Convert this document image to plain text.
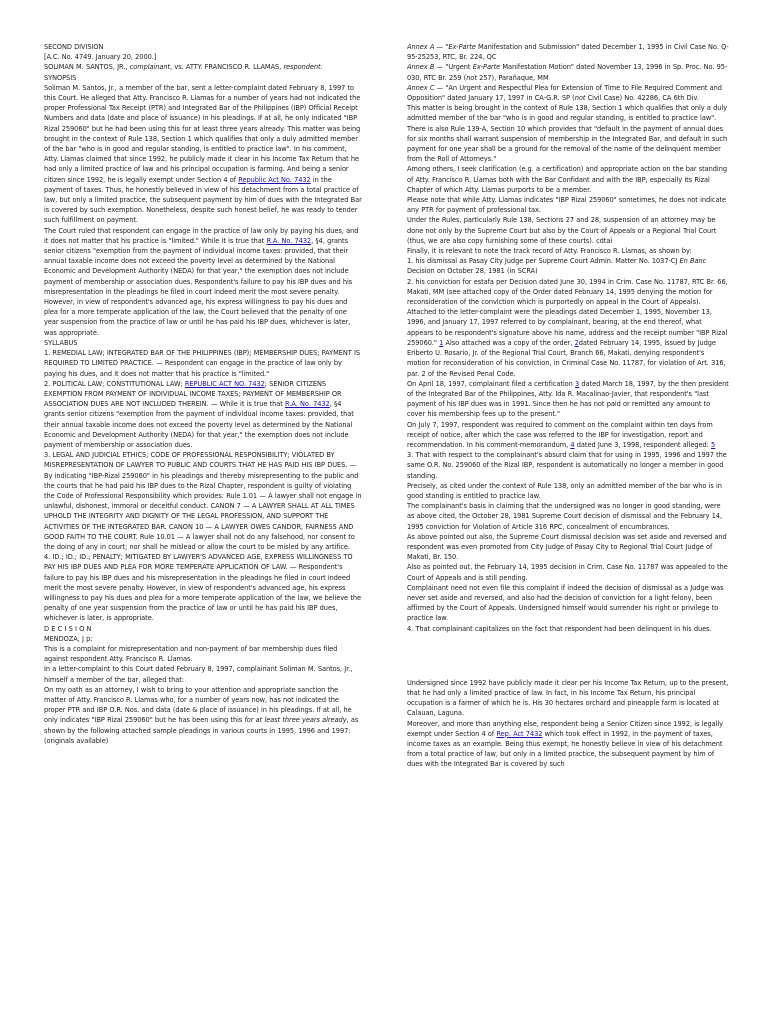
SECOND DIVISION

[A.C. No. 4749. January 20, 2000.]

SOLIMAN M. SANTOS, JR., complainant, vs. ATTY. FRANCISCO R. LLAMAS, respondent.

SYNOPSIS

Soliman M. Santos, Jr., a member of the bar, sent a letter-complaint dated February 8, 1997 to this Court. He alleged that Atty. Francisco R. Llamas for a number of years had not indicated the proper Professional Tax Receipt (PTR) and Integrated Bar of the Philippines (IBP) Official Receipt Numbers and data (date and place of issuance) in his pleadings. If at all, he only indicated "IBP Rizal 259060" but he had been using this for at least three years already. This matter was being brought in the context of Rule 138, Section 1 which qualifies that only a duly admitted member of the bar "who is in good and regular standing, is entitled to practice law". In his comment, Atty. Llamas claimed that since 1992, he publicly made it clear in his Income Tax Return that he had only a limited practice of law and his principal occupation is farming. And being a senior citizen since 1992, he is legally exempt under Section 4 of Republic Act No. 7432 in the payment of taxes. Thus, he honestly believed in view of his detachment from a total practice of law, but only a limited practice, the subsequent payment by him of dues with the Integrated Bar is covered by such exemption. Nonetheless, despite such honest belief, he was ready to tender such fulfillment on payment.

The Court ruled that respondent can engage in the practice of law only by paying his dues, and it does not matter that his practice is "limited." While it is true that R.A. No. 7432, §4, grants senior citizens "exemption from the payment of individual income taxes: provided, that their annual taxable income does not exceed the poverty level as determined by the National Economic and Development Authority (NEDA) for that year," the exemption does not include payment of membership or association dues. Respondent's failure to pay his IBP dues and his misrepresentation in the pleadings he filed in court indeed merit the most severe penalty. However, in view of respondent's advanced age, his express willingness to pay his dues and plea for a more temperate application of the law, the Court believed that the penalty of one year suspension from the practice of law or until he has paid his IBP dues, whichever is later, was appropriate.

SYLLABUS

1. REMEDIAL LAW; INTEGRATED BAR OF THE PHILIPPINES (IBP); MEMBERSHIP DUES; PAYMENT IS REQUIRED TO LIMITED PRACTICE. — Respondent can engage in the practice of law only by paying his dues, and it does not matter that his practice is "limited."

2. POLITICAL LAW; CONSTITUTIONAL LAW; REPUBLIC ACT NO. 7432; SENIOR CITIZENS EXEMPTION FROM PAYMENT OF INDIVIDUAL INCOME TAXES; PAYMENT OF MEMBERSHIP OR ASSOCIATION DUES ARE NOT INCLUDED THEREIN. — While it is true that R.A. No. 7432, §4 grants senior citizens "exemption from the payment of individual income taxes: provided, that their annual taxable income does not exceed the poverty level as determined by the National Economic and Development Authority (NEDA) for that year," the exemption does not include payment of membership or association dues.

3. LEGAL AND JUDICIAL ETHICS; CODE OF PROFESSIONAL RESPONSIBILITY; VIOLATED BY MISREPRESENTATION OF LAWYER TO PUBLIC AND COURTS THAT HE HAS PAID HIS IBP DUES. — By indicating "IBP-Rizal 259060" in his pleadings and thereby misrepresenting to the public and the courts that he had paid his IBP dues to the Rizal Chapter, respondent is guilty of violating the Code of Professional Responsibility which provides: Rule 1.01 — A lawyer shall not engage in unlawful, dishonest, immoral or deceitful conduct. CANON 7 — A LAWYER SHALL AT ALL TIMES UPHOLD THE INTEGRITY AND DIGNITY OF THE LEGAL PROFESSION, AND SUPPORT THE ACTIVITIES OF THE INTEGRATED BAR. CANON 10 — A LAWYER OWES CANDOR, FAIRNESS AND GOOD FAITH TO THE COURT. Rule 10.01 — A lawyer shall not do any falsehood, nor consent to the doing of any in court; nor shall he mislead or allow the court to be misled by any artifice.

4. ID.; ID.; ID.; PENALTY; MITIGATED BY LAWYER'S ADVANCED AGE, EXPRESS WILLINGNESS TO PAY HIS IBP DUES AND PLEA FOR MORE TEMPERATE APPLICATION OF LAW. — Respondent's failure to pay his IBP dues and his misrepresentation in the pleadings he filed in court indeed merit the most severe penalty. However, in view of respondent's advanced age, his express willingness to pay his dues and plea for a more temperate application of the law, we believe the penalty of one year suspension from the practice of law or until he has paid his IBP dues, whichever is later, is appropriate.

D E C I S I O N

MENDOZA, J p:

This is a complaint for misrepresentation and non-payment of bar membership dues filed against respondent Atty. Francisco R. Llamas.

In a letter-complaint to this Court dated February 8, 1997, complainant Soliman M. Santos, Jr., himself a member of the bar, alleged that:

On my oath as an attorney, I wish to bring to your attention and appropriate sanction the matter of Atty. Francisco R. Llamas who, for a number of years now, has not indicated the proper PTR and IBP O.R. Nos. and data (date & place of issuance) in his pleadings. If at all, he only indicates "IBP Rizal 259060" but he has been using this for at least three years already, as shown by the following attached sample pleadings in various courts in 1995, 1996 and 1997: (originals available)

Annex A — "Ex-Parte Manifestation and Submission" dated December 1, 1995 in Civil Case No. Q-95-25253, RTC, Br. 224, QC

Annex B — "Urgent Ex-Parte Manifestation Motion" dated November 13, 1996 in Sp. Proc. No. 95-030, RTC Br. 259 (not 257), Parañaque, MM

Annex C — "An Urgent and Respectful Plea for Extension of Time to File Required Comment and Opposition" dated January 17, 1997 in CA-G.R. SP (not Civil Case) No. 42286, CA 6th Div.

This matter is being brought in the context of Rule 138, Section 1 which qualifies that only a duly admitted member of the bar "who is in good and regular standing, is entitled to practice law". There is also Rule 139-A, Section 10 which provides that "default in the payment of annual dues for six months shall warrant suspension of membership in the Integrated Bar, and default in such payment for one year shall be a ground for the removal of the name of the delinquent member from the Roll of Attorneys."

Among others, I seek clarification (e.g. a certification) and appropriate action on the bar standing of Atty. Francisco R. Llamas both with the Bar Confidant and with the IBP, especially its Rizal Chapter of which Atty. Llamas purports to be a member.

Please note that while Atty. Llamas indicates "IBP Rizal 259060" sometimes, he does not indicate any PTR for payment of professional tax.

Under the Rules, particularly Rule 138, Sections 27 and 28, suspension of an attorney may be done not only by the Supreme Court but also by the Court of Appeals or a Regional Trial Court (thus, we are also copy furnishing some of these courts). cdtai

Finally, it is relevant to note the track record of Atty. Francisco R. Llamas, as shown by:

1. his dismissal as Pasay City Judge per Supreme Court Admin. Matter No. 1037-CJ En Banc Decision on October 28, 1981 (in SCRA)

2. his conviction for estafa per Decision dated June 30, 1994 in Crim. Case No. 11787, RTC Br. 66, Makati, MM (see attached copy of the Order dated February 14, 1995 denying the motion for reconsideration of the conviction which is purportedly on appeal in the Court of Appeals).

Attached to the letter-complaint were the pleadings dated December 1, 1995, November 13, 1996, and January 17, 1997 referred to by complainant, bearing, at the end thereof, what appears to be respondent's signature above his name, address and the receipt number "IBP Rizal 259060." 1 Also attached was a copy of the order, 2dated February 14, 1995, issued by Judge Eriberto U. Rosario, Jr. of the Regional Trial Court, Branch 66, Makati, denying respondent's motion for reconsideration of his conviction, in Criminal Case No. 11787, for violation of Art. 316, par. 2 of the Revised Penal Code.

On April 18, 1997, complainant filed a certification 3 dated March 18, 1997, by the then president of the Integrated Bar of the Philippines, Atty. Ida R. Macalinao-Javier, that respondent's "last payment of his IBP dues was in 1991. Since then he has not paid or remitted any amount to cover his membership fees up to the present."

On July 7, 1997, respondent was required to comment on the complaint within ten days from receipt of notice, after which the case was referred to the IBP for investigation, report and recommendation. In his comment-memorandum, 4 dated June 3, 1998, respondent alleged: 5

3. That with respect to the complainant's absurd claim that for using in 1995, 1996 and 1997 the same O.R. No. 259060 of the Rizal IBP, respondent is automatically no longer a member in good standing.

Precisely, as cited under the context of Rule 138, only an admitted member of the bar who is in good standing is entitled to practice law.

The complainant's basis in claiming that the undersigned was no longer in good standing, were as above cited, the October 28, 1981 Supreme Court decision of dismissal and the February 14, 1995 conviction for Violation of Article 316 RPC, concealment of encumbrances.

As above pointed out also, the Supreme Court dismissal decision was set aside and reversed and respondent was even promoted from City Judge of Pasay City to Regional Trial Court Judge of Makati, Br. 150.

Also as pointed out, the February 14, 1995 decision in Crim. Case No. 11787 was appealed to the Court of Appeals and is still pending.

Complainant need not even file this complaint if indeed the decision of dismissal as a Judge was never set aside and reversed, and also had the decision of conviction for a light felony, been affirmed by the Court of Appeals. Undersigned himself would surrender his right or privilege to practice law.

4. That complainant capitalizes on the fact that respondent had been delinquent in his dues.

Undersigned since 1992 have publicly made it clear per his Income Tax Return, up to the present, that he had only a limited practice of law. In fact, in his Income Tax Return, his principal occupation is a farmer of which he is. His 30 hectares orchard and pineapple farm is located at Calauan, Laguna.

Moreover, and more than anything else, respondent being a Senior Citizen since 1992, is legally exempt under Section 4 of Rep. Act 7432 which took effect in 1992, in the payment of taxes, income taxes as an example. Being thus exempt, he honestly believe in view of his detachment from a total practice of law, but only in a limited practice, the subsequent payment by him of dues with the Integrated Bar is covered by such
